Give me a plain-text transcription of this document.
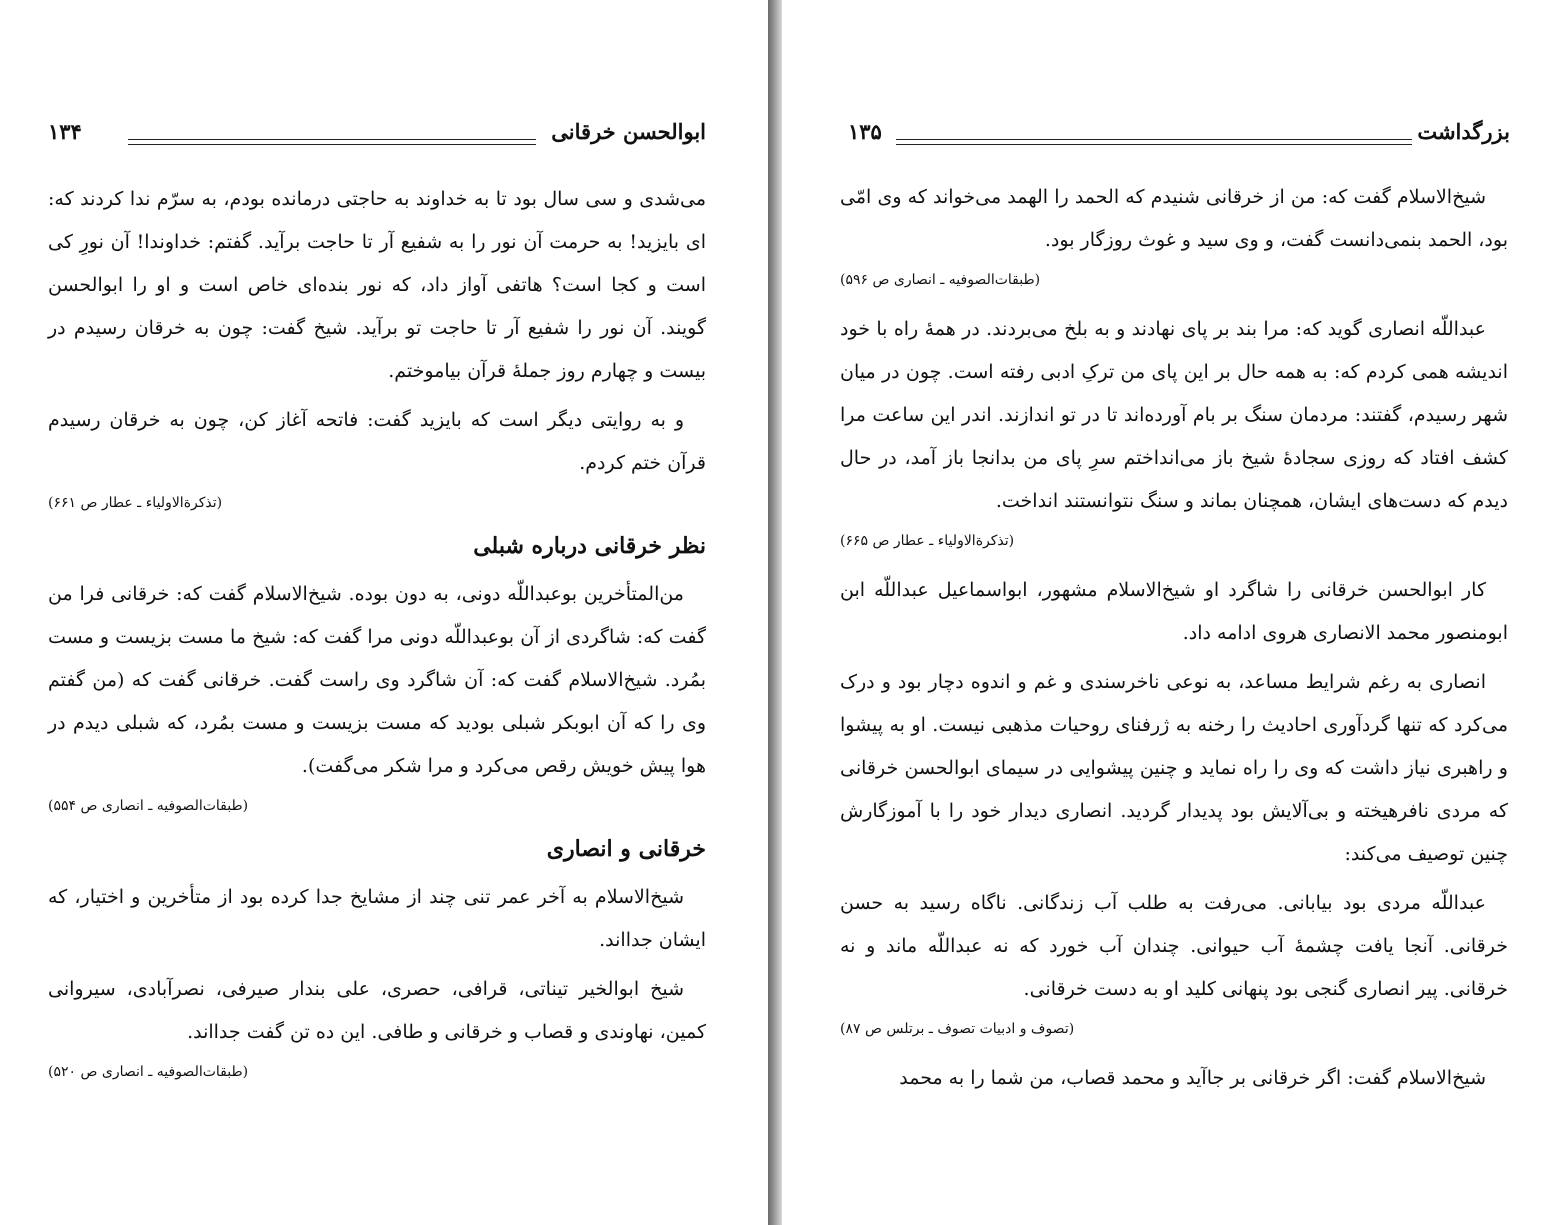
ابوالحسن خرقانی
۱۳۴

می‌شدی و سی سال بود تا به خداوند به حاجتی درمانده بودم، به سرّم ندا کردند که: ای بایزید! به حرمت آن نور را به شفیع آر تا حاجت برآید. گفتم: خداوندا! آن نورِ کی است و کجا است؟ هاتفی آواز داد، که نور بنده‌ای خاص است و او را ابوالحسن گویند. آن نور را شفیع آر تا حاجت تو برآید. شیخ گفت: چون به خرقان رسیدم در بیست و چهارم روز جملهٔ قرآن بیاموختم.

و به روایتی دیگر است که بایزید گفت: فاتحه آغاز کن، چون به خرقان رسیدم قرآن ختم کردم.

(تذکرةالاولیاء ـ عطار ص ۶۶۱)
نظر خرقانی درباره شبلی

من‌المتأخرین بوعبداللّه دونی، به دون بوده. شیخ‌الاسلام گفت که: خرقانی فرا من گفت که: شاگردی از آن بوعبداللّه دونی مرا گفت که: شیخ ما مست بزیست و مست بمُرد. شیخ‌الاسلام گفت که: آن شاگرد وی راست گفت. خرقانی گفت که (من گفتم وی را که آن ابوبکر شبلی بودید که مست بزیست و مست بمُرد، که شبلی دیدم در هوا پیش خویش رقص می‌کرد و مرا شکر می‌گفت).

(طبقات‌الصوفیه ـ انصاری ص ۵۵۴)
خرقانی و انصاری

شیخ‌الاسلام به آخر عمر تنی چند از مشایخ جدا کرده بود از متأخرین و اختیار، که ایشان جدااند.

شیخ ابوالخیر تیناتی، قرافی، حصری، علی بندار صیرفی، نصرآبادی، سیروانی کمین، نهاوندی و قصاب و خرقانی و طافی. این ده تن گفت جدااند.

(طبقات‌الصوفیه ـ انصاری ص ۵۲۰)
بزرگداشت
۱۳۵

شیخ‌الاسلام گفت که: من از خرقانی شنیدم که الحمد را الهمد می‌خواند که وی امّی بود، الحمد بنمی‌دانست گفت، و وی سید و غوث روزگار بود.

(طبقات‌الصوفیه ـ انصاری ص ۵۹۶)

عبداللّه انصاری گوید که: مرا بند بر پای نهادند و به بلخ می‌بردند. در همهٔ راه با خود اندیشه همی کردم که: به همه حال بر این پای من ترکِ ادبی رفته است. چون در میان شهر رسیدم، گفتند: مردمان سنگ بر بام آورده‌اند تا در تو اندازند. اندر این ساعت مرا کشف افتاد که روزی سجادهٔ شیخ باز می‌انداختم سرِ پای من بدانجا باز آمد، در حال دیدم که دست‌های ایشان، همچنان بماند و سنگ نتوانستند انداخت.

(تذکرةالاولیاء ـ عطار ص ۶۶۵)

کار ابوالحسن خرقانی را شاگرد او شیخ‌الاسلام مشهور، ابواسماعیل عبداللّه ابن ابومنصور محمد الانصاری هروی ادامه داد.

انصاری به رغم شرایط مساعد، به نوعی ناخرسندی و غم و اندوه دچار بود و درک می‌کرد که تنها گردآوری احادیث را رخنه به ژرفنای روحیات مذهبی نیست. او به پیشوا و راهبری نیاز داشت که وی را راه نماید و چنین پیشوایی در سیمای ابوالحسن خرقانی که مردی نافرهیخته و بی‌آلایش بود پدیدار گردید. انصاری دیدار خود را با آموزگارش چنین توصیف می‌کند:

عبداللّه مردی بود بیابانی. می‌رفت به طلب آب زندگانی. ناگاه رسید به حسن خرقانی. آنجا یافت چشمهٔ آب حیوانی. چندان آب خورد که نه عبداللّه ماند و نه خرقانی. پیر انصاری گنجی بود پنهانی کلید او به دست خرقانی.

(تصوف و ادبیات تصوف ـ برتلس ص ۸۷)

شیخ‌الاسلام گفت: اگر خرقانی بر جاآید و محمد قصاب، من شما را به محمد
